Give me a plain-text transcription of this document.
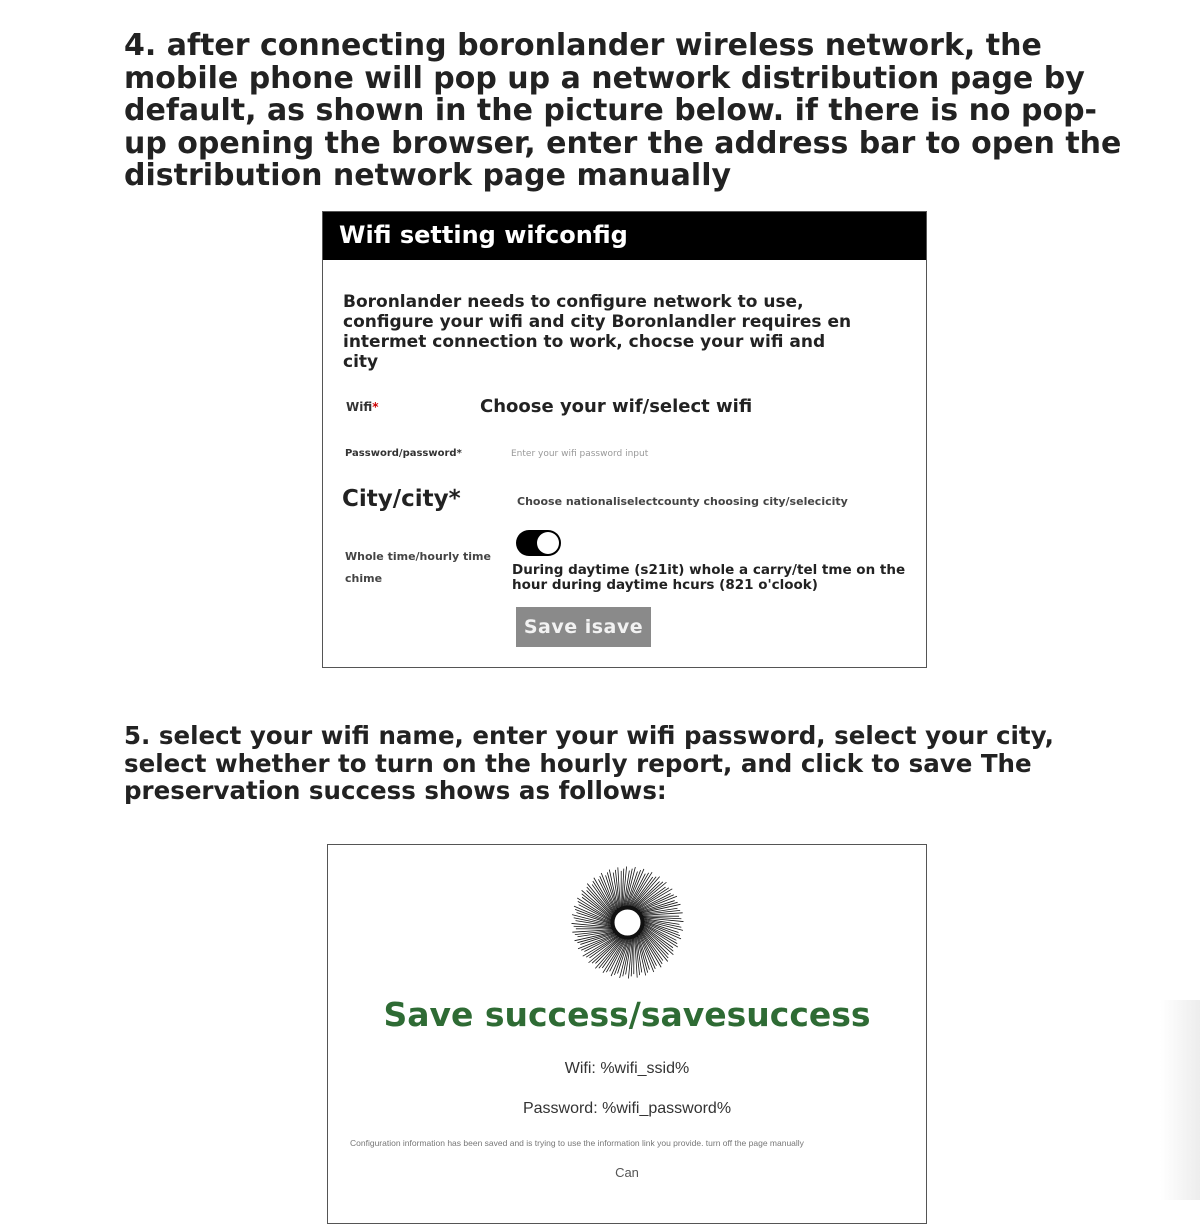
4. after connecting boronlander wireless network, the mobile phone will pop up a network distribution page by default, as shown in the picture below. if there is no pop-up opening the browser, enter the address bar to open the distribution network page manually
Wifi setting wifconfig
Boronlander needs to configure network to use, configure your wifi and city Boronlandler requires en intermet connection to work, chocse your wifi and city
Wifi*	Choose your wif/select wifi
Password/password*
Enter your wifi password input
City/city*	Choose nationaliselectcounty choosing city/selecicity
Whole time/hourly time chime
During daytime (s21it) whole a carry/tel tme on the hour during daytime hcurs (821 o'clook)
Save isave
5. select your wifi name, enter your wifi password, select your city, select whether to turn on the hourly report, and click to save The preservation success shows as follows:
Save success/savesuccess
Wifi: %wifi_ssid%
Password: %wifi_password%
Configuration information has been saved and is trying to use the information link you provide. turn off the page manually
Can
